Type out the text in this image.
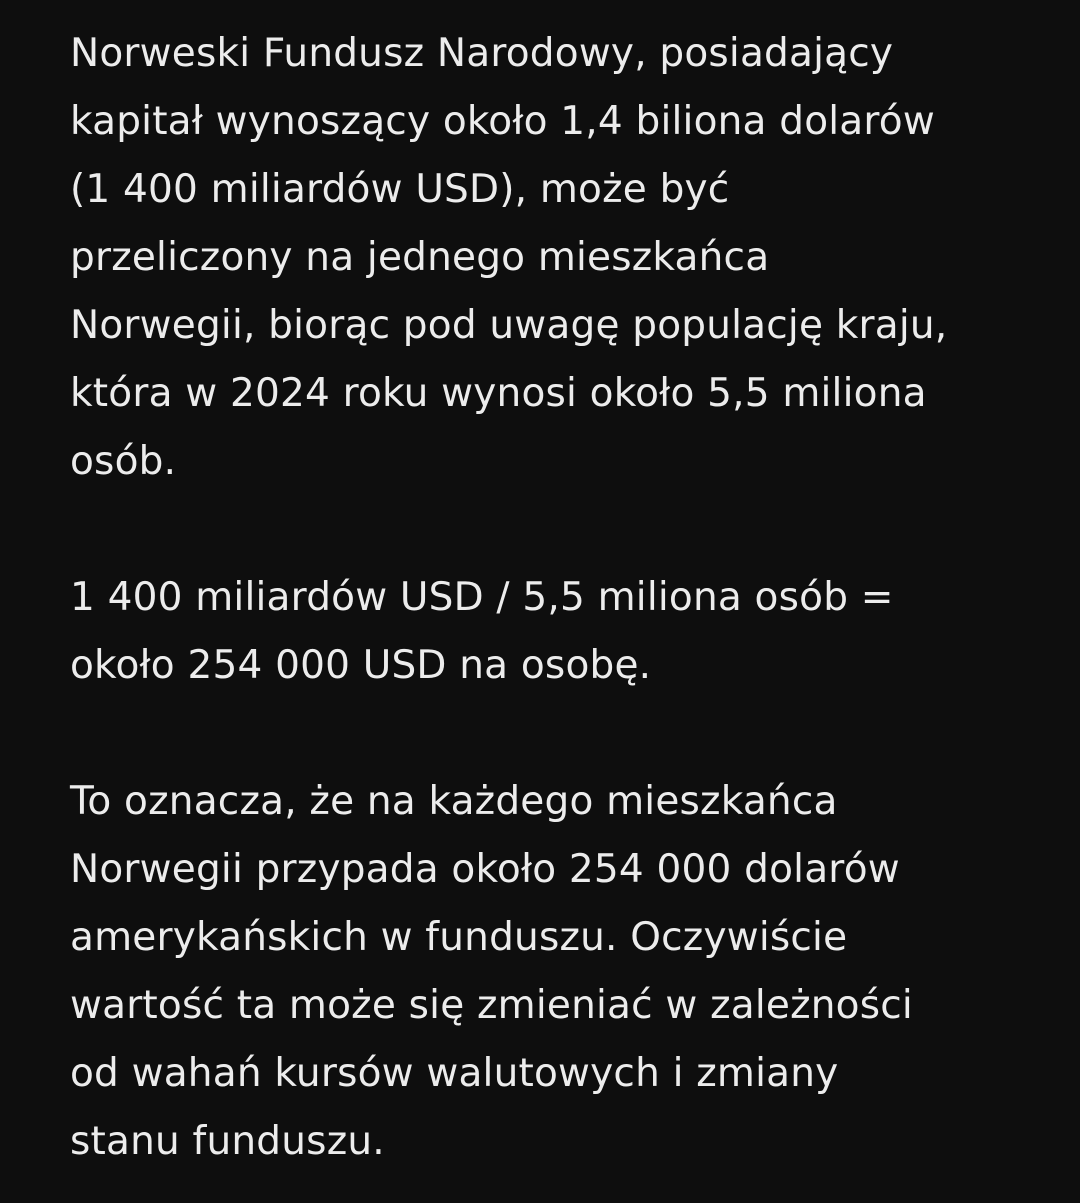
Norweski Fundusz Narodowy, posiadający
kapitał wynoszący około 1,4 biliona dolarów
(1 400 miliardów USD), może być
przeliczony na jednego mieszkańca
Norwegii, biorąc pod uwagę populację kraju,
która w 2024 roku wynosi około 5,5 miliona
osób.

1 400 miliardów USD / 5,5 miliona osób =
około 254 000 USD na osobę.

To oznacza, że na każdego mieszkańca
Norwegii przypada około 254 000 dolarów
amerykańskich w funduszu. Oczywiście
wartość ta może się zmieniać w zależności
od wahań kursów walutowych i zmiany
stanu funduszu.
